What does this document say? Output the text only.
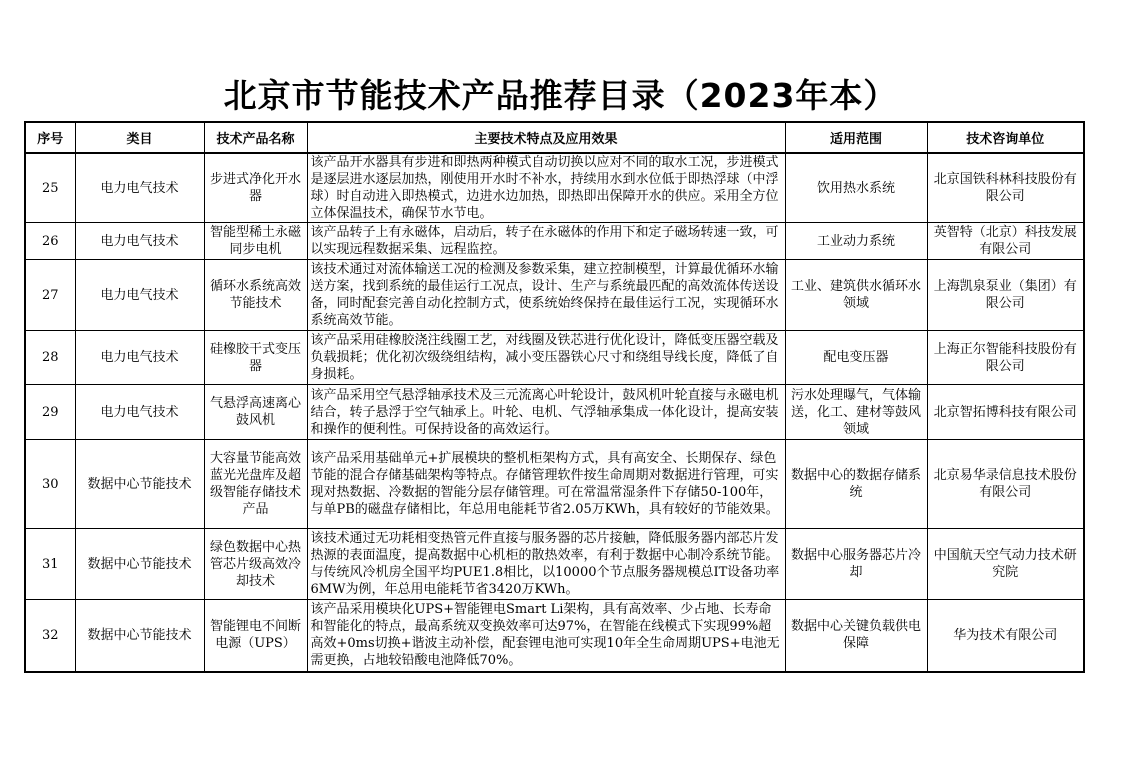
北京市节能技术产品推荐目录（2023年本）
序号	类目	技术产品名称	主要技术特点及应用效果	适用范围	技术咨询单位
25	电力电气技术	步进式净化开水器	该产品开水器具有步进和即热两种模式自动切换以应对不同的取水工况，步进模式是逐层进水逐层加热，刚使用开水时不补水，持续用水到水位低于即热浮球（中浮球）时自动进入即热模式，边进水边加热，即热即出保障开水的供应。采用全方位立体保温技术，确保节水节电。	饮用热水系统	北京国铁科林科技股份有限公司
26	电力电气技术	智能型稀土永磁同步电机	该产品转子上有永磁体，启动后，转子在永磁体的作用下和定子磁场转速一致，可以实现远程数据采集、远程监控。	工业动力系统	英智特（北京）科技发展有限公司
27	电力电气技术	循环水系统高效节能技术	该技术通过对流体输送工况的检测及参数采集，建立控制模型，计算最优循环水输送方案，找到系统的最佳运行工况点，设计、生产与系统最匹配的高效流体传送设备，同时配套完善自动化控制方式，使系统始终保持在最佳运行工况，实现循环水系统高效节能。	工业、建筑供水循环水领域	上海凯泉泵业（集团）有限公司
28	电力电气技术	硅橡胶干式变压器	该产品采用硅橡胶浇注线圈工艺，对线圈及铁芯进行优化设计，降低变压器空载及负载损耗；优化初次级绕组结构，减小变压器铁心尺寸和绕组导线长度，降低了自身损耗。	配电变压器	上海正尔智能科技股份有限公司
29	电力电气技术	气悬浮高速离心鼓风机	该产品采用空气悬浮轴承技术及三元流离心叶轮设计，鼓风机叶轮直接与永磁电机结合，转子悬浮于空气轴承上。叶轮、电机、气浮轴承集成一体化设计，提高安装和操作的便利性。可保持设备的高效运行。	污水处理曝气，气体输送，化工、建材等鼓风领域	北京智拓博科技有限公司
30	数据中心节能技术	大容量节能高效蓝光光盘库及超级智能存储技术产品	该产品采用基础单元+扩展模块的整机柜架构方式，具有高安全、长期保存、绿色节能的混合存储基础架构等特点。存储管理软件按生命周期对数据进行管理，可实现对热数据、冷数据的智能分层存储管理。可在常温常湿条件下存储50-100年，与单PB的磁盘存储相比，年总用电能耗节省2.05万KWh，具有较好的节能效果。	数据中心的数据存储系统	北京易华录信息技术股份有限公司
31	数据中心节能技术	绿色数据中心热管芯片级高效冷却技术	该技术通过无功耗相变热管元件直接与服务器的芯片接触，降低服务器内部芯片发热源的表面温度，提高数据中心机柜的散热效率，有利于数据中心制冷系统节能。与传统风冷机房全国平均PUE1.8相比，以10000个节点服务器规模总IT设备功率6MW为例，年总用电能耗节省3420万KWh。	数据中心服务器芯片冷却	中国航天空气动力技术研究院
32	数据中心节能技术	智能锂电不间断电源（UPS）	该产品采用模块化UPS+智能锂电Smart Li架构，具有高效率、少占地、长寿命和智能化的特点，最高系统双变换效率可达97%，在智能在线模式下实现99%超高效+0ms切换+谐波主动补偿，配套锂电池可实现10年全生命周期UPS+电池无需更换，占地较铅酸电池降低70%。	数据中心关键负载供电保障	华为技术有限公司
